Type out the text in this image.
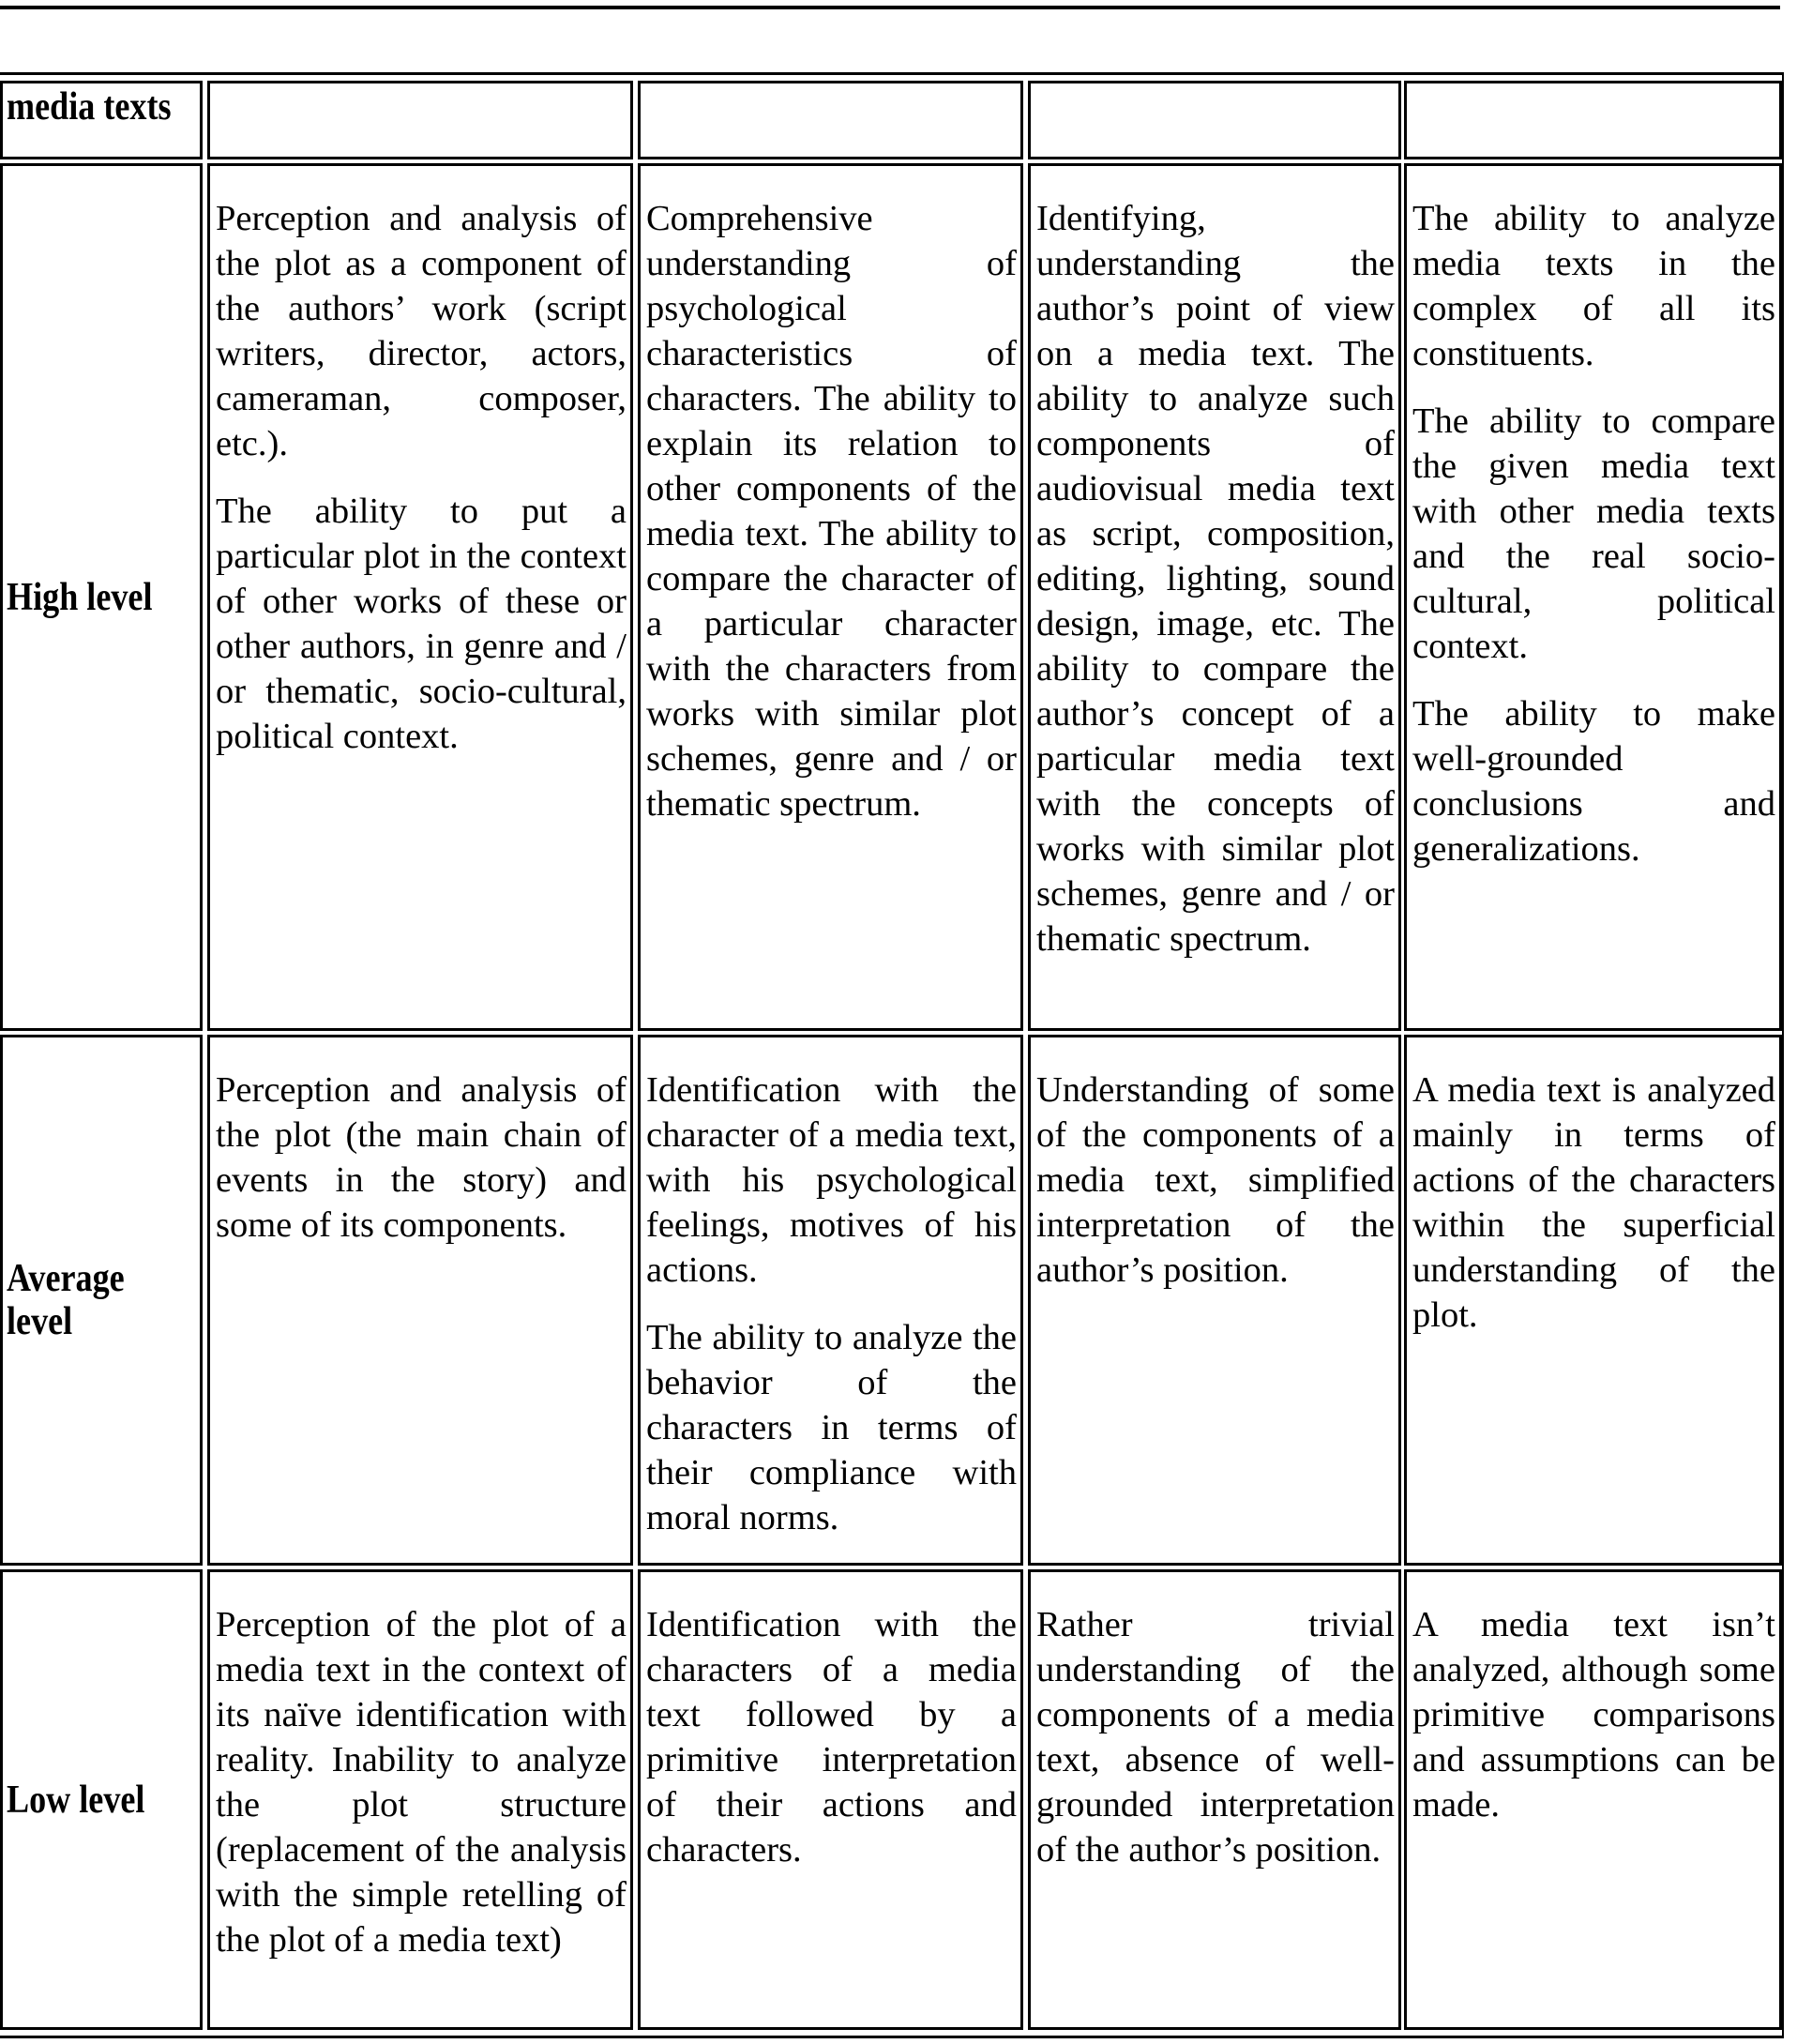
media texts
High level

Perception and analysis of the plot as a component of the authors’ work (script writers, director, actors, cameraman, composer, etc.).

The ability to put a particular plot in the context of other works of these or other authors, in genre and / or thematic, socio-cultural, political context.

Comprehensive understanding of psychological characteristics of characters. The ability to explain its relation to other components of the media text. The ability to compare the character of a particular character with the characters from works with similar plot schemes, genre and / or thematic spectrum.

Identifying, understanding the author’s point of view on a media text. The ability to analyze such components of audiovisual media text as script, composition, editing, lighting, sound design, image, etc. The ability to compare the author’s concept of a particular media text with the concepts of works with similar plot schemes, genre and / or thematic spectrum.

The ability to analyze media texts in the complex of all its constituents.

The ability to compare the given media text with other media texts and the real socio-cultural, political context.

The ability to make well-grounded conclusions and generalizations.

Average level

Perception and analysis of the plot (the main chain of events in the story) and some of its components.

Identification with the character of a media text, with his psychological feelings, motives of his actions.

The ability to analyze the behavior of the characters in terms of their compliance with moral norms.

Understanding of some of the components of a media text, simplified interpretation of the author’s position.

A media text is analyzed mainly in terms of actions of the characters within the superficial understanding of the plot.

Low level

Perception of the plot of a media text in the context of its naïve identification with reality. Inability to analyze the plot structure (replacement of the analysis with the simple retelling of the plot of a media text)

Identification with the characters of a media text followed by a primitive interpretation of their actions and characters.

Rather trivial understanding of the components of a media text, absence of well-grounded interpretation of the author’s position.

A media text isn’t analyzed, although some primitive comparisons and assumptions can be made.
